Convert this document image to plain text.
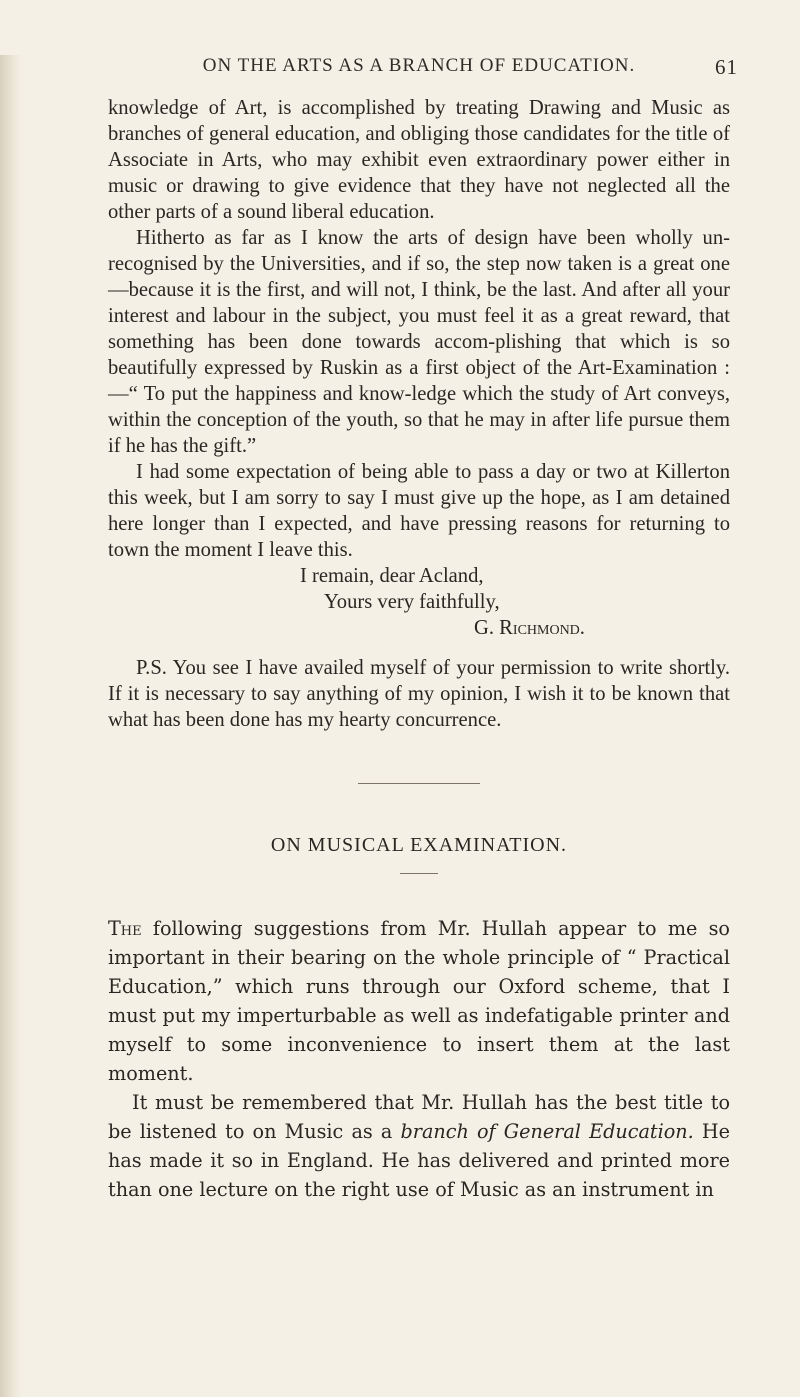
ON THE ARTS AS A BRANCH OF EDUCATION.	61

knowledge of Art, is accomplished by treating Drawing and Music as branches of general education, and obliging those candidates for the title of Associate in Arts, who may exhibit even extraordinary power either in music or drawing to give evidence that they have not neglected all the other parts of a sound liberal education.

Hitherto as far as I know the arts of design have been wholly un-recognised by the Universities, and if so, the step now taken is a great one—because it is the first, and will not, I think, be the last. And after all your interest and labour in the subject, you must feel it as a great reward, that something has been done towards accom-plishing that which is so beautifully expressed by Ruskin as a first object of the Art-Examination :—“ To put the happiness and know-ledge which the study of Art conveys, within the conception of the youth, so that he may in after life pursue them if he has the gift.”

I had some expectation of being able to pass a day or two at Killerton this week, but I am sorry to say I must give up the hope, as I am detained here longer than I expected, and have pressing reasons for returning to town the moment I leave this.

I remain, dear Acland,
Yours very faithfully,
G. Richmond.

P.S. You see I have availed myself of your permission to write shortly. If it is necessary to say anything of my opinion, I wish it to be known that what has been done has my hearty concurrence.

ON MUSICAL EXAMINATION.

The following suggestions from Mr. Hullah appear to me so important in their bearing on the whole principle of “ Practical Education,” which runs through our Oxford scheme, that I must put my imperturbable as well as indefatigable printer and myself to some inconvenience to insert them at the last moment.

It must be remembered that Mr. Hullah has the best title to be listened to on Music as a branch of General Education. He has made it so in England. He has delivered and printed more than one lecture on the right use of Music as an instrument in
